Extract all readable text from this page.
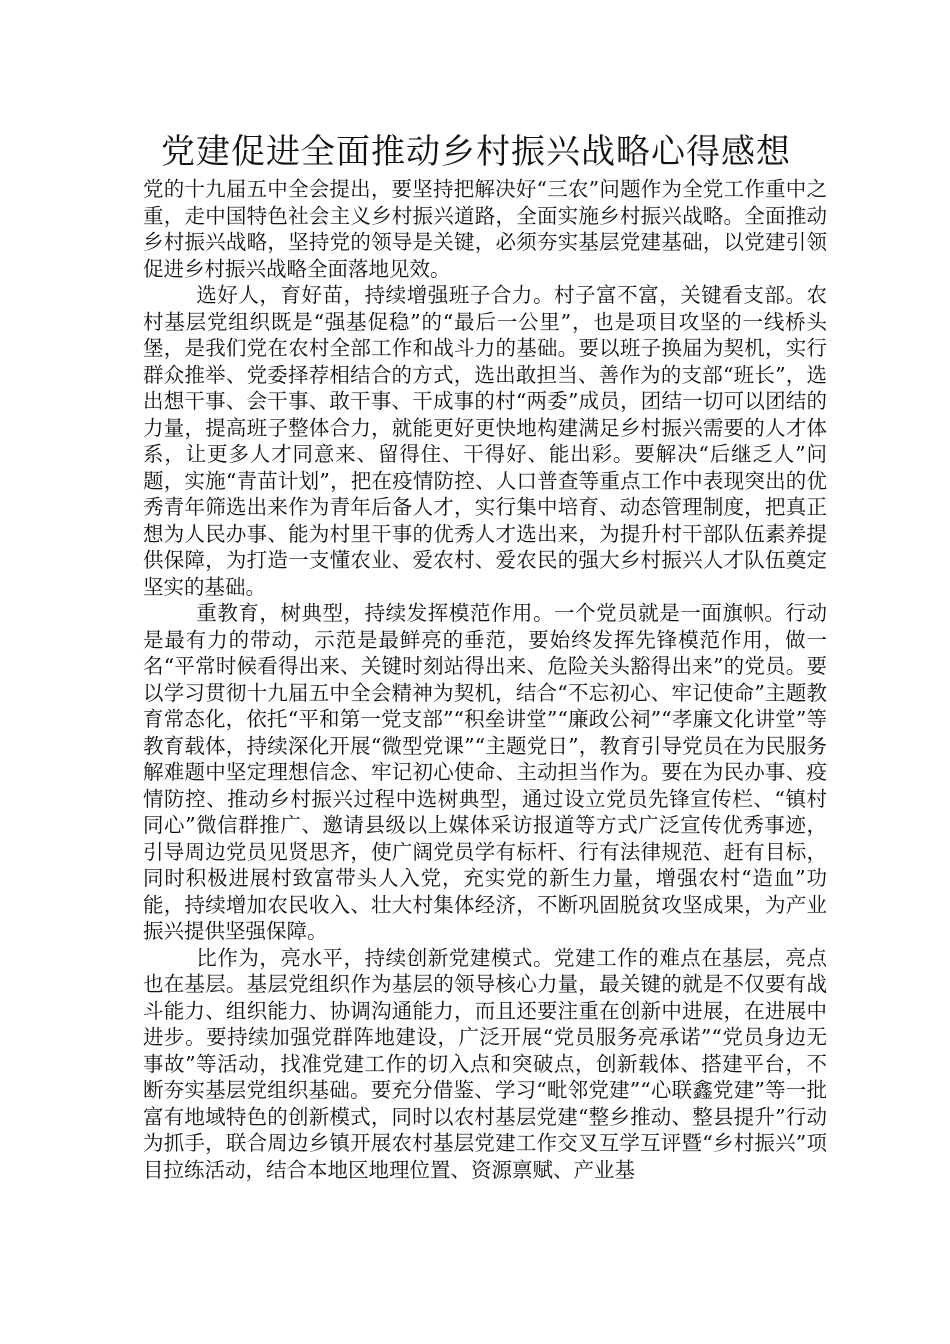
党建促进全面推动乡村振兴战略心得感想

党的十九届五中全会提出，要坚持把解决好“三农”问题作为全党工作重中之重，走中国特色社会主义乡村振兴道路，全面实施乡村振兴战略。全面推动乡村振兴战略，坚持党的领导是关键，必须夯实基层党建基础，以党建引领促进乡村振兴战略全面落地见效。

选好人，育好苗，持续增强班子合力。村子富不富，关键看支部。农村基层党组织既是“强基促稳”的“最后一公里”，也是项目攻坚的一线桥头堡，是我们党在农村全部工作和战斗力的基础。要以班子换届为契机，实行群众推举、党委择荐相结合的方式，选出敢担当、善作为的支部“班长”，选出想干事、会干事、敢干事、干成事的村“两委”成员，团结一切可以团结的力量，提高班子整体合力，就能更好更快地构建满足乡村振兴需要的人才体系，让更多人才同意来、留得住、干得好、能出彩。要解决“后继乏人”问题，实施“青苗计划”，把在疫情防控、人口普查等重点工作中表现突出的优秀青年筛选出来作为青年后备人才，实行集中培育、动态管理制度，把真正想为人民办事、能为村里干事的优秀人才选出来，为提升村干部队伍素养提供保障，为打造一支懂农业、爱农村、爱农民的强大乡村振兴人才队伍奠定坚实的基础。

重教育，树典型，持续发挥模范作用。一个党员就是一面旗帜。行动是最有力的带动，示范是最鲜亮的垂范，要始终发挥先锋模范作用，做一名“平常时候看得出来、关键时刻站得出来、危险关头豁得出来”的党员。要以学习贯彻十九届五中全会精神为契机，结合“不忘初心、牢记使命”主题教育常态化，依托“平和第一党支部”“积垒讲堂”“廉政公祠”“孝廉文化讲堂”等教育载体，持续深化开展“微型党课”“主题党日”，教育引导党员在为民服务解难题中坚定理想信念、牢记初心使命、主动担当作为。要在为民办事、疫情防控、推动乡村振兴过程中选树典型，通过设立党员先锋宣传栏、“镇村同心”微信群推广、邀请县级以上媒体采访报道等方式广泛宣传优秀事迹，引导周边党员见贤思齐，使广阔党员学有标杆、行有法律规范、赶有目标，同时积极进展村致富带头人入党，充实党的新生力量，增强农村“造血”功能，持续增加农民收入、壮大村集体经济，不断巩固脱贫攻坚成果，为产业振兴提供坚强保障。

比作为，亮水平，持续创新党建模式。党建工作的难点在基层，亮点也在基层。基层党组织作为基层的领导核心力量，最关键的就是不仅要有战斗能力、组织能力、协调沟通能力，而且还要注重在创新中进展，在进展中进步。要持续加强党群阵地建设，广泛开展“党员服务亮承诺”“党员身边无事故”等活动，找准党建工作的切入点和突破点，创新载体、搭建平台，不断夯实基层党组织基础。要充分借鉴、学习“毗邻党建”“心联鑫党建”等一批富有地域特色的创新模式，同时以农村基层党建“整乡推动、整县提升”行动为抓手，联合周边乡镇开展农村基层党建工作交叉互学互评暨“乡村振兴”项目拉练活动，结合本地区地理位置、资源禀赋、产业基
